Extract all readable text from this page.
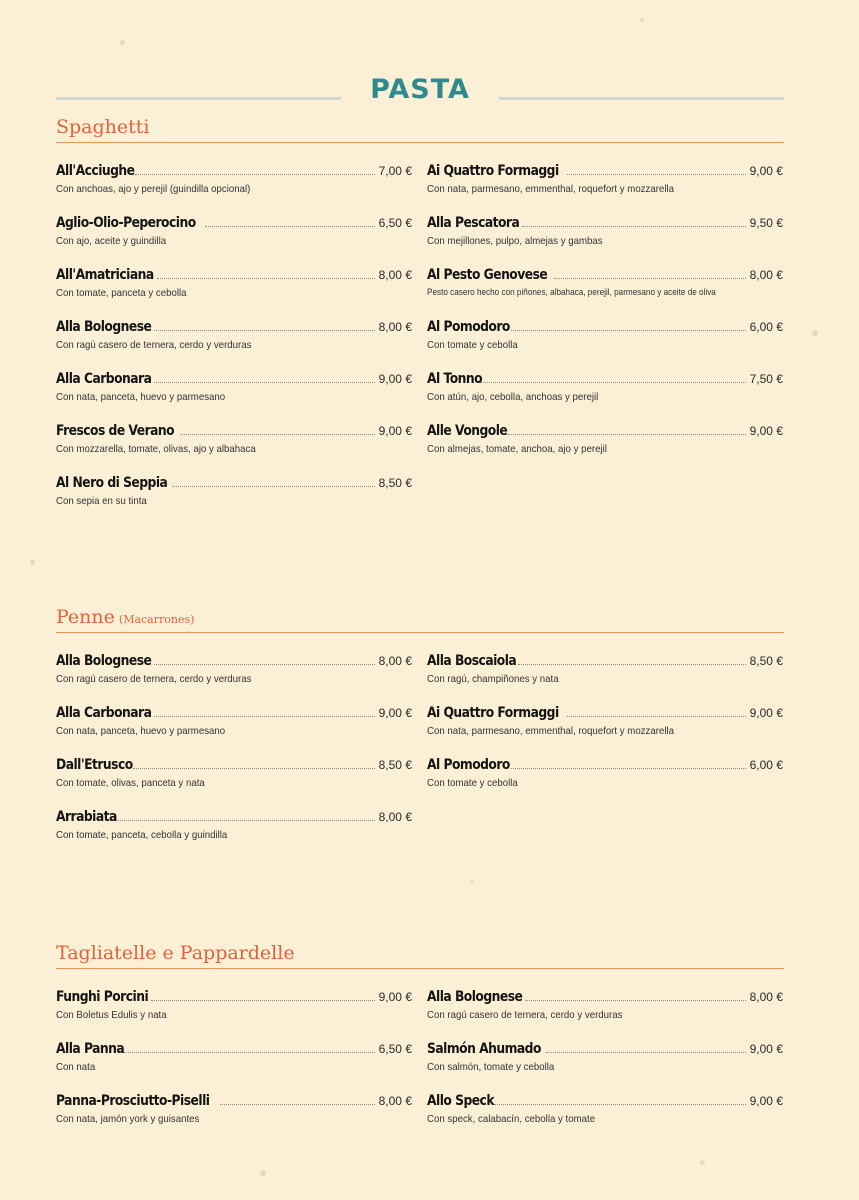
PASTA
Spaghetti
All'Acciughe	7,00 €
Con anchoas, ajo y perejil (guindilla opcional)
Aglio-Olio-Peperocino	6,50 €
Con ajo, aceite y guindilla
All'Amatriciana	8,00 €
Con tomate, panceta y cebolla
Alla Bolognese	8,00 €
Con ragú casero de ternera, cerdo y verduras
Alla Carbonara	9,00 €
Con nata, panceta, huevo y parmesano
Frescos de Verano	9,00 €
Con mozzarella, tomate, olivas, ajo y albahaca
Al Nero di Seppia	8,50 €
Con sepia en su tinta
Ai Quattro Formaggi	9,00 €
Con nata, parmesano, emmenthal, roquefort y mozzarella
Alla Pescatora	9,50 €
Con mejillones, pulpo, almejas y gambas
Al Pesto Genovese	8,00 €
Pesto casero hecho con piñones, albahaca, perejil, parmesano y aceite de oliva
Al Pomodoro	6,00 €
Con tomate y cebolla
Al Tonno	7,50 €
Con atún, ajo, cebolla, anchoas y perejil
Alle Vongole	9,00 €
Con almejas, tomate, anchoa, ajo y perejil
Penne (Macarrones)
Alla Bolognese	8,00 €
Con ragú casero de ternera, cerdo y verduras
Alla Carbonara	9,00 €
Con nata, panceta, huevo y parmesano
Dall'Etrusco	8,50 €
Con tomate, olivas, panceta y nata
Arrabiata	8,00 €
Con tomate, panceta, cebolla y guindilla
Alla Boscaiola	8,50 €
Con ragú, champiñones y nata
Ai Quattro Formaggi	9,00 €
Con nata, parmesano, emmenthal, roquefort y mozzarella
Al Pomodoro	6,00 €
Con tomate y cebolla
Tagliatelle e Pappardelle
Funghi Porcini	9,00 €
Con Boletus Edulis y nata
Alla Panna	6,50 €
Con nata
Panna-Prosciutto-Piselli	8,00 €
Con nata, jamón york y guisantes
Alla Bolognese	8,00 €
Con ragú casero de ternera, cerdo y verduras
Salmón Ahumado	9,00 €
Con salmón, tomate y cebolla
Allo Speck	9,00 €
Con speck, calabacín, cebolla y tomate
